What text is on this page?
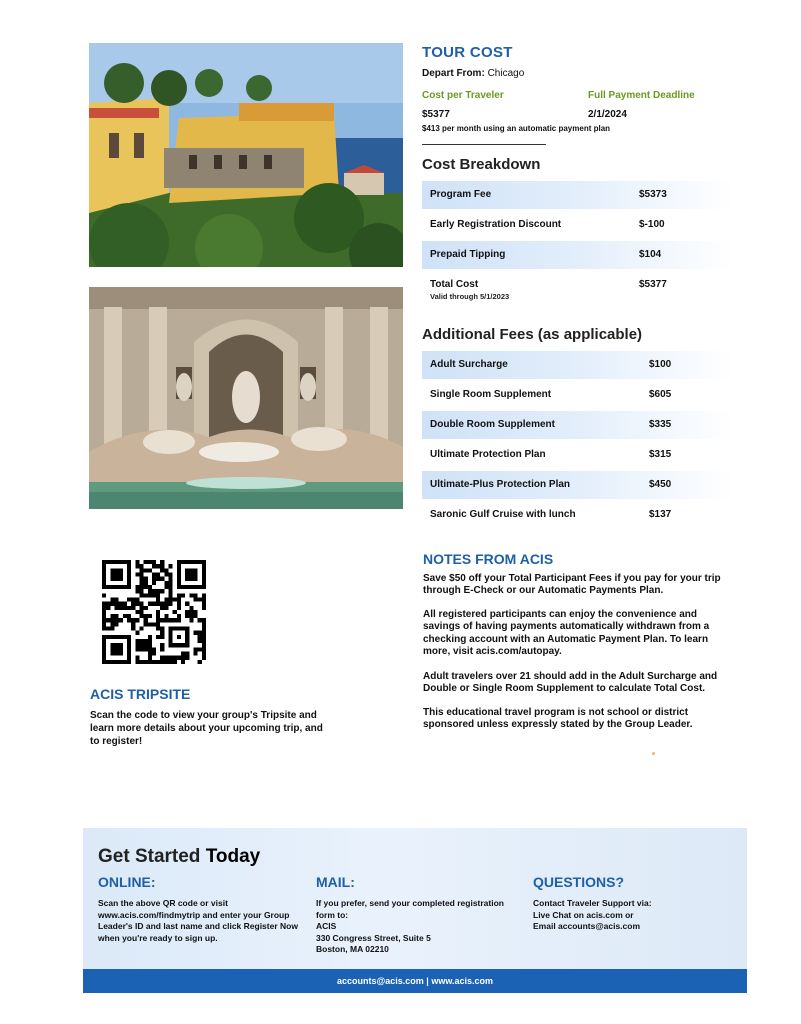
TOUR COST
Depart From: Chicago
Cost per Traveler	Full Payment Deadline
$5377	2/1/2024
$413 per month using an automatic payment plan
Cost Breakdown
Program Fee	$5373
Early Registration Discount	$-100
Prepaid Tipping	$104
Total Cost	$5377
Valid through 5/1/2023
Additional Fees (as applicable)
Adult Surcharge	$100
Single Room Supplement	$605
Double Room Supplement	$335
Ultimate Protection Plan	$315
Ultimate-Plus Protection Plan	$450
Saronic Gulf Cruise with lunch	$137
ACIS TRIPSITE
Scan the code to view your group's Tripsite and learn more details about your upcoming trip, and to register!
NOTES FROM ACIS
Save $50 off your Total Participant Fees if you pay for your trip through E-Check or our Automatic Payments Plan.
All registered participants can enjoy the convenience and savings of having payments automatically withdrawn from a checking account with an Automatic Payment Plan. To learn more, visit acis.com/autopay.
Adult travelers over 21 should add in the Adult Surcharge and Double or Single Room Supplement to calculate Total Cost.
This educational travel program is not school or district sponsored unless expressly stated by the Group Leader.
Get Started Today
ONLINE:
Scan the above QR code or visit www.acis.com/findmytrip and enter your Group Leader's ID and last name and click Register Now when you're ready to sign up.
MAIL:
If you prefer, send your completed registration form to:
ACIS
330 Congress Street, Suite 5
Boston, MA 02210
QUESTIONS?
Contact Traveler Support via:
Live Chat on acis.com or
Email accounts@acis.com
accounts@acis.com | www.acis.com
